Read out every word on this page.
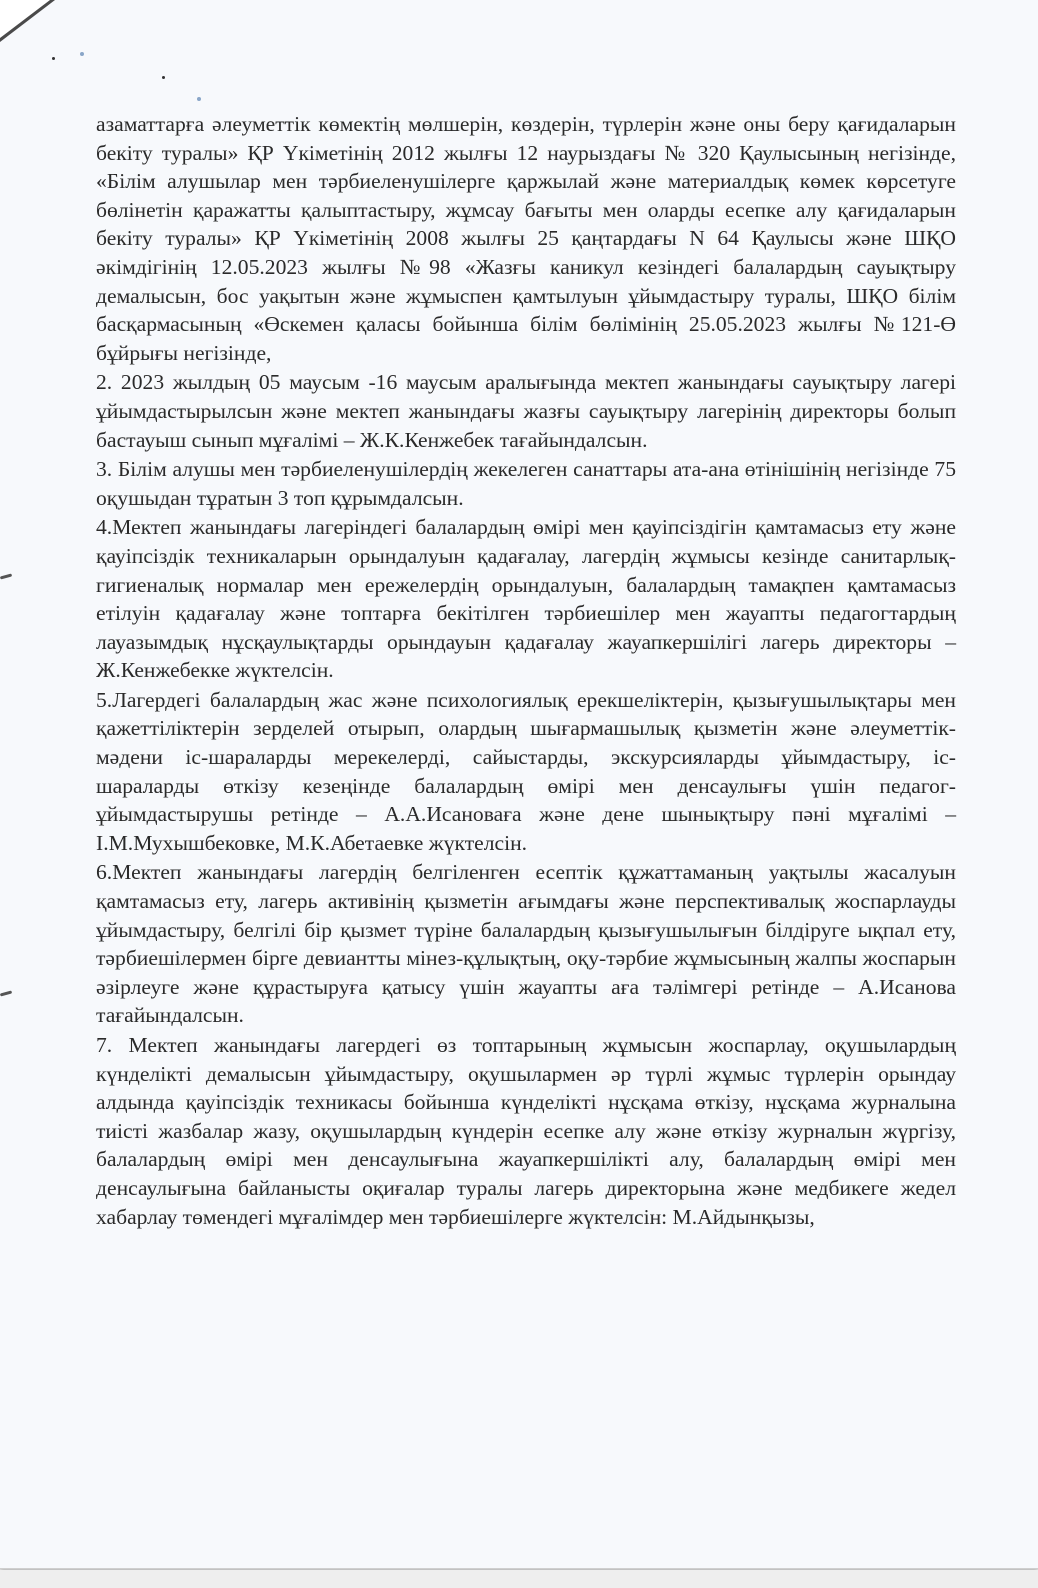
азаматтарға әлеуметтік көмектің мөлшерін, көздерін, түрлерін және оны беру қағидаларын бекіту туралы» ҚР Үкіметінің 2012 жылғы 12 наурыздағы № 320 Қаулысының негізінде, «Білім алушылар мен тәрбиеленушілерге қаржылай және материалдық көмек көрсетуге бөлінетін қаражатты қалыптастыру, жұмсау бағыты мен оларды есепке алу қағидаларын бекіту туралы» ҚР Үкіметінің 2008 жылғы 25 қаңтардағы N 64 Қаулысы және ШҚО әкімдігінің 12.05.2023 жылғы №98 «Жазғы каникул кезіндегі балалардың сауықтыру демалысын, бос уақытын және жұмыспен қамтылуын ұйымдастыру туралы, ШҚО білім басқармасының «Өскемен қаласы бойынша білім бөлімінің 25.05.2023 жылғы №121-Ө бұйрығы негізінде,

2. 2023 жылдың 05 маусым -16 маусым аралығында мектеп жанындағы сауықтыру лагері ұйымдастырылсын және мектеп жанындағы жазғы сауықтыру лагерінің директоры болып бастауыш сынып мұғалімі – Ж.К.Кенжебек тағайындалсын.

3. Білім алушы мен тәрбиеленушілердің жекелеген санаттары ата-ана өтінішінің негізінде 75 оқушыдан тұратын 3 топ құрымдалсын.

4.Мектеп жанындағы лагеріндегі балалардың өмірі мен қауіпсіздігін қамтамасыз ету және қауіпсіздік техникаларын орындалуын қадағалау, лагердің жұмысы кезінде санитарлық-гигиеналық нормалар мен ережелердің орындалуын, балалардың тамақпен қамтамасыз етілуін қадағалау және топтарға бекітілген тәрбиешілер мен жауапты педагогтардың лауазымдық нұсқаулықтарды орындауын қадағалау жауапкершілігі лагерь директоры – Ж.Кенжебекке жүктелсін.

5.Лагердегі балалардың жас және психологиялық ерекшеліктерін, қызығушылықтары мен қажеттіліктерін зерделей отырып, олардың шығармашылық қызметін және әлеуметтік-мәдени іс-шараларды мерекелерді, сайыстарды, экскурсияларды ұйымдастыру, іс-шараларды өткізу кезеңінде балалардың өмірі мен денсаулығы үшін педагог-ұйымдастырушы ретінде – А.А.Исановаға және дене шынықтыру пәні мұғалімі – І.М.Мухышбековке, М.К.Абетаевке жүктелсін.

6.Мектеп жанындағы лагердің белгіленген есептік құжаттаманың уақтылы жасалуын қамтамасыз ету, лагерь активінің қызметін ағымдағы және перспективалық жоспарлауды ұйымдастыру, белгілі бір қызмет түріне балалардың қызығушылығын білдіруге ықпал ету, тәрбиешілермен бірге девиантты мінез-құлықтың, оқу-тәрбие жұмысының жалпы жоспарын әзірлеуге және құрастыруға қатысу үшін жауапты аға тәлімгері ретінде – А.Исанова тағайындалсын.

7. Мектеп жанындағы лагердегі өз топтарының жұмысын жоспарлау, оқушылардың күнделікті демалысын ұйымдастыру, оқушылармен әр түрлі жұмыс түрлерін орындау алдында қауіпсіздік техникасы бойынша күнделікті нұсқама өткізу, нұсқама журналына тиісті жазбалар жазу, оқушылардың күндерін есепке алу және өткізу журналын жүргізу, балалардың өмірі мен денсаулығына жауапкершілікті алу, балалардың өмірі мен денсаулығына байланысты оқиғалар туралы лагерь директорына және медбикеге жедел хабарлау төмендегі мұғалімдер мен тәрбиешілерге жүктелсін: М.Айдынқызы,
